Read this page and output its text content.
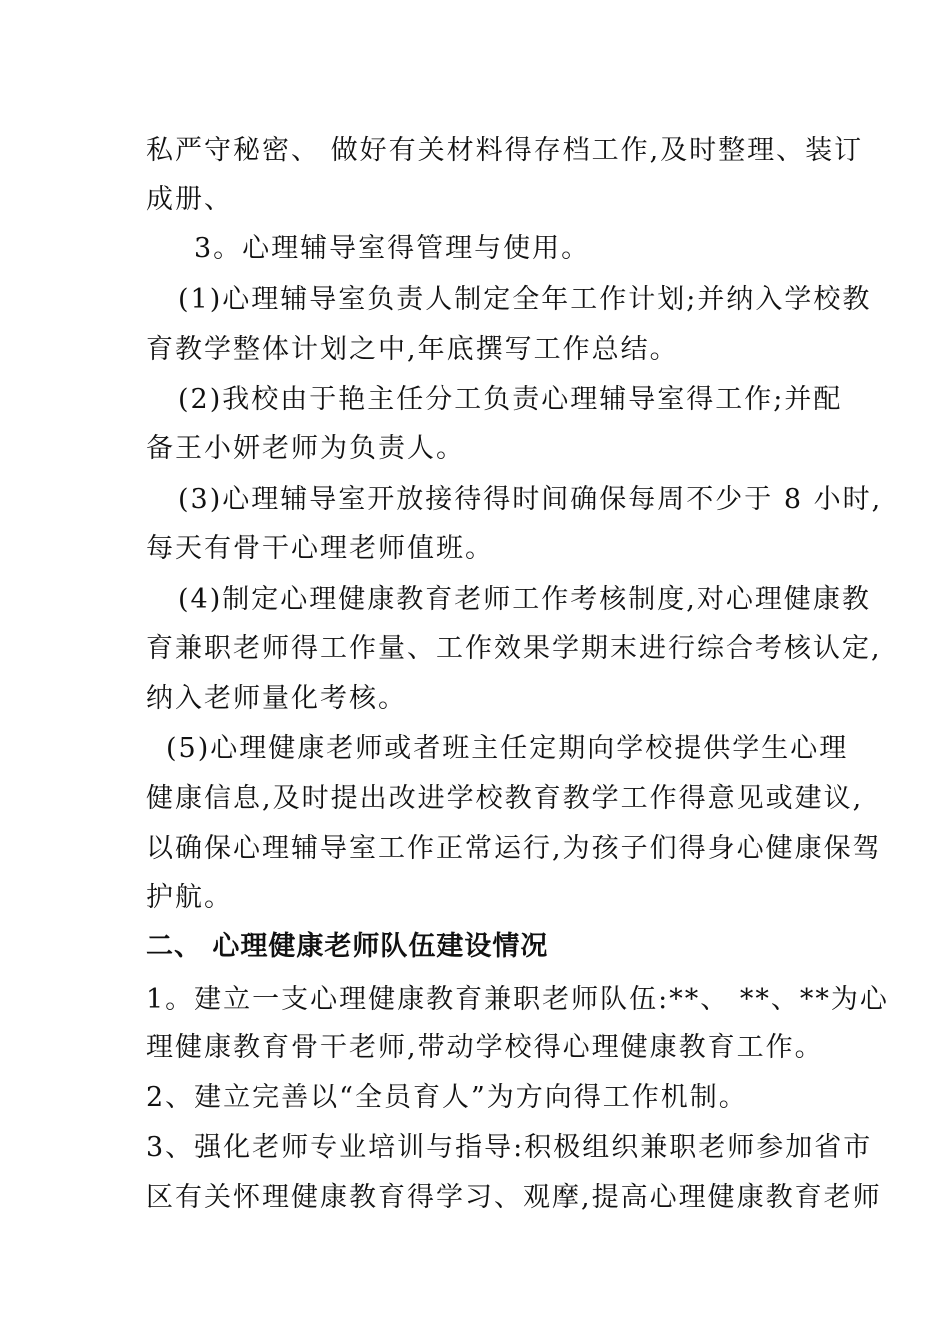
私严守秘密、 做好有关材料得存档工作,及时整理、装订
成册、
3。心理辅导室得管理与使用。
(1)心理辅导室负责人制定全年工作计划;并纳入学校教
育教学整体计划之中,年底撰写工作总结。
(2)我校由于艳主任分工负责心理辅导室得工作;并配
备王小妍老师为负责人。
(3)心理辅导室开放接待得时间确保每周不少于 8 小时,
每天有骨干心理老师值班。
(4)制定心理健康教育老师工作考核制度,对心理健康教
育兼职老师得工作量、工作效果学期末进行综合考核认定,
纳入老师量化考核。
(5)心理健康老师或者班主任定期向学校提供学生心理
健康信息,及时提出改进学校教育教学工作得意见或建议,
以确保心理辅导室工作正常运行,为孩子们得身心健康保驾
护航。
二、 心理健康老师队伍建设情况
1。建立一支心理健康教育兼职老师队伍:**、 **、**为心
理健康教育骨干老师,带动学校得心理健康教育工作。
2、建立完善以“全员育人”为方向得工作机制。
3、强化老师专业培训与指导:积极组织兼职老师参加省市
区有关怀理健康教育得学习、观摩,提高心理健康教育老师
